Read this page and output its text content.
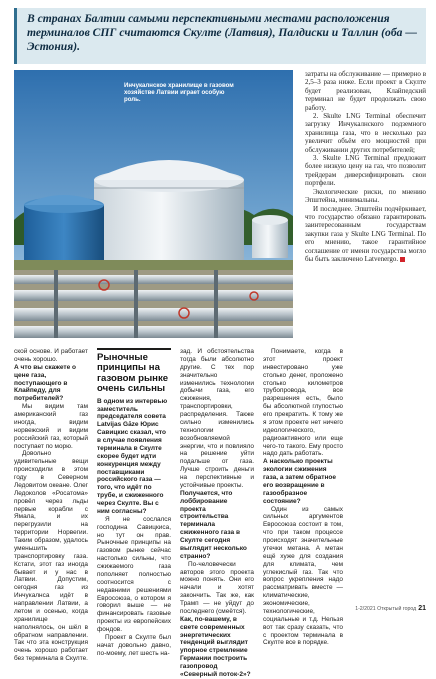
В странах Балтии самыми перспективными местами расположения терминалов СПГ считаются Скулте (Латвия), Палдиски и Таллин (оба — Эстония).

Инчукалнское хранилище в газовом хозяйстве Латвии играет особую роль.

затраты на обслуживание — примерно в 2,5–3 раза ниже. Если проект в Скулте будет реализован, Клайпедский терминал не будет продолжать свою работу.

2. Skulte LNG Terminal обеспечит загрузку Инчукалнского подземного хранилища газа, что в несколько раз увеличит объём его мощностей при обслуживании других потребителей;

3. Skulte LNG Terminal предложит более низкую цену на газ, что позволит трейдерам диверсифицировать свои портфели.

Экологические риски, по мнению Эпштейна, минимальны.

И последнее. Эпштейн подчёркивает, что государство обязано гарантировать заинтересованным государствам закупки газа у Skulte LNG Terminal. По его мнению, такое гарантийное соглашение от имени государства могло бы быть заключено Latvenergo.

ской основе. И работает очень хорошо.

А что вы скажете о цене газа, поступающего в Клайпеду, для потребителей?

Мы видим там американский газ иногда, видим норвежский и видим российский газ, который поступает по морю.

Довольно удивительные вещи происходили в этом году в Северном Ледовитом океане. Олег Ледоколов «Росатома» провёл через льды первые корабли с Ямала, и их перегрузили на территории Норвегии. Таким образом, удалось уменьшить транспортировку газа. Кстати, этот газ иногда бывает и у нас в Латвии. Допустим, сегодня газ из Инчукалнса идёт в направлении Латвии, а летом и осенью, когда хранилище наполнялось, он шёл в обратном направлении. Так что эта конструкция очень хорошо работает без терминала в Скулте.

Рыночные принципы на газовом рынке очень сильны

В одном из интервью заместитель председателя совета Latvijas Gāze Юрис Савицкис сказал, что в случае появления терминала в Скулте скорее будет идти конкуренция между поставщиками российского газа — того, что идёт по трубе, и сжиженного через Скулте. Вы с ним согласны?

Я не сослался господина Савицкиса, но тут он прав. Рыночные принципы на газовом рынке сейчас настолько сильны, что сжижаемого газа пополняет полностью соотносится с недавними решениями Евросоюза, о котором я говорил выше — не финансировать газовые проекты из европейских фондов.

Проект в Скулте был начат довольно давно, по-моему, лет шесть на-

зад. И обстоятельства тогда были абсолютно другие. С тех пор значительно изменились технологии добычи газа, его сжижения, транспортировки, распределения. Также сильно изменились технологии возобновляемой энергии, что и повлияло на решение уйти подальше от газа. Лучше строить деньги на перспективные и устойчивые проекты.

Получается, что лоббирование проекта строительства терминала сжиженного газа в Скулте сегодня выглядит несколько странно?

По-человечески авторов этого проекта можно понять. Они его начали и хотят закончить. Так же, как Трамп — не уйдут до последнего (смеётся).

Как, по-вашему, в свете современных энергетических тенденций выглядит упорное стремление Германии построить газопровод «Северный поток-2»?

Понимаете, когда в этот проект инвестировано уже столько денег, проложено столько километров трубопровода, все разрешения есть, было бы абсолютной глупостью его прекратить. К тому же я этом проекте нет ничего идеологического, радиоактивного или еще чего-то такого. Ему просто надо дать работать.

А насколько проекты экологии сжижения газа, а затем обратное его возвращение в газообразное состояние?

Один из самых сильных аргументов Евросоюза состоит в том, что при таком процессе происходят значительные утечки метана. А метан ещё хуже для создания для климата, чем углекислый газ. Так что вопрос укрепления надо рассматривать вместе — климатические, экономические, технологические, социальные и т.д. Нельзя вот так сразу сказать, что с проектом терминала в Скулте все в порядке.

1-2/2021 Открытый город 21
